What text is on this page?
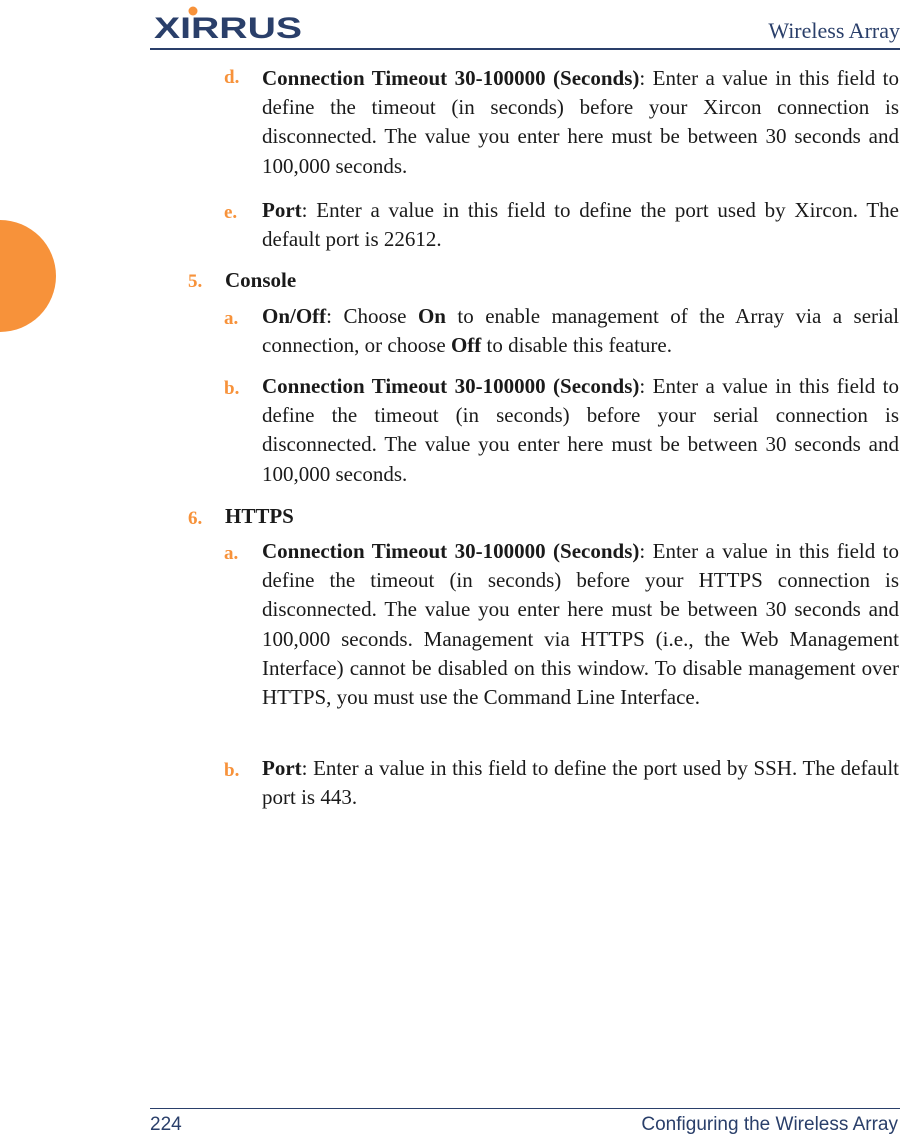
XIRRUS	Wireless Array
d. Connection Timeout 30-100000 (Seconds): Enter a value in this field to define the timeout (in seconds) before your Xircon connection is disconnected. The value you enter here must be between 30 seconds and 100,000 seconds.
e. Port: Enter a value in this field to define the port used by Xircon. The default port is 22612.
5. Console
a. On/Off: Choose On to enable management of the Array via a serial connection, or choose Off to disable this feature.
b. Connection Timeout 30-100000 (Seconds): Enter a value in this field to define the timeout (in seconds) before your serial connection is disconnected. The value you enter here must be between 30 seconds and 100,000 seconds.
6. HTTPS
a. Connection Timeout 30-100000 (Seconds): Enter a value in this field to define the timeout (in seconds) before your HTTPS connection is disconnected. The value you enter here must be between 30 seconds and 100,000 seconds. Management via HTTPS (i.e., the Web Management Interface) cannot be disabled on this window. To disable management over HTTPS, you must use the Command Line Interface.
b. Port: Enter a value in this field to define the port used by SSH. The default port is 443.
224	Configuring the Wireless Array
